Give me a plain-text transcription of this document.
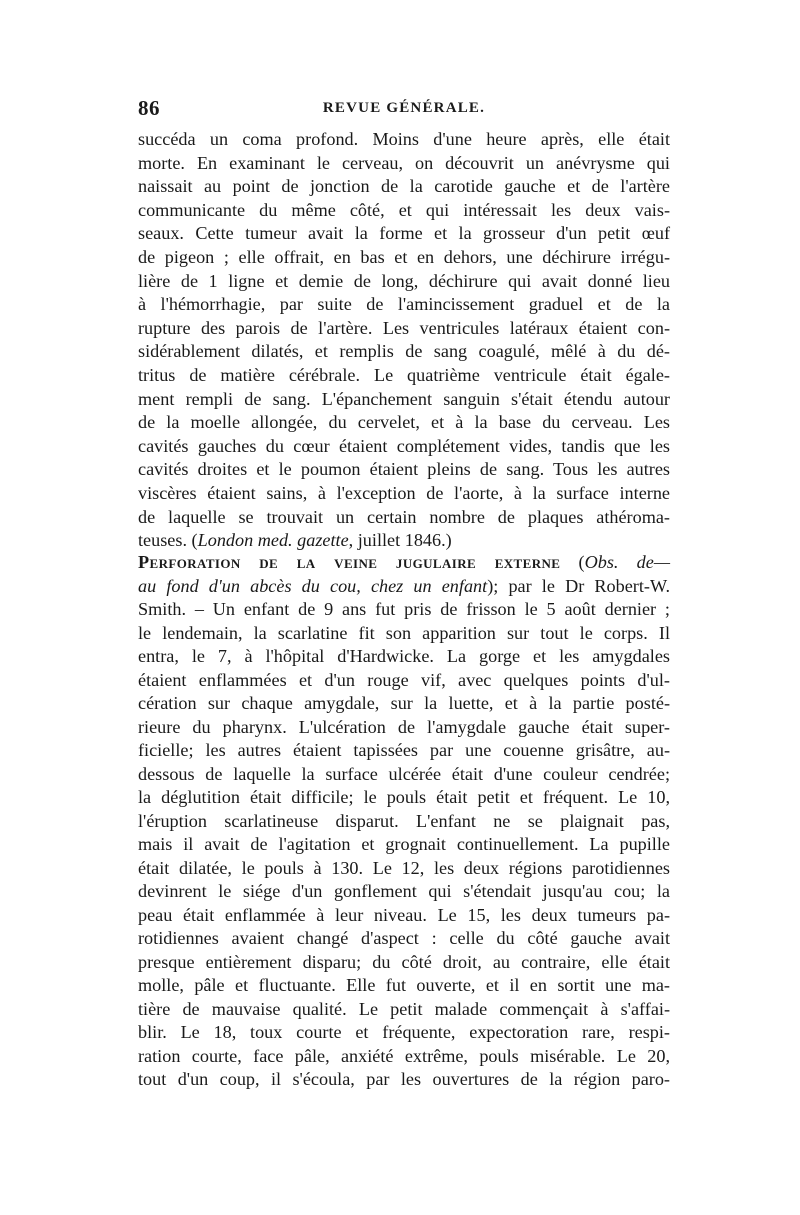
86	REVUE GÉNÉRALE.
succéda un coma profond. Moins d'une heure après, elle était
morte. En examinant le cerveau, on découvrit un anévrysme qui
naissait au point de jonction de la carotide gauche et de l'artère
communicante du même côté, et qui intéressait les deux vais-
seaux. Cette tumeur avait la forme et la grosseur d'un petit œuf
de pigeon ; elle offrait, en bas et en dehors, une déchirure irrégu-
lière de 1 ligne et demie de long, déchirure qui avait donné lieu
à l'hémorrhagie, par suite de l'amincissement graduel et de la
rupture des parois de l'artère. Les ventricules latéraux étaient con-
sidérablement dilatés, et remplis de sang coagulé, mêlé à du dé-
tritus de matière cérébrale. Le quatrième ventricule était égale-
ment rempli de sang. L'épanchement sanguin s'était étendu autour
de la moelle allongée, du cervelet, et à la base du cerveau. Les
cavités gauches du cœur étaient complétement vides, tandis que les
cavités droites et le poumon étaient pleins de sang. Tous les autres
viscères étaient sains, à l'exception de l'aorte, à la surface interne
de laquelle se trouvait un certain nombre de plaques athéroma-
teuses. (London med. gazette, juillet 1846.)
Perforation de la veine jugulaire externe (Obs. de—
au fond d'un abcès du cou, chez un enfant); par le Dr Robert-W.
Smith. – Un enfant de 9 ans fut pris de frisson le 5 août dernier ;
le lendemain, la scarlatine fit son apparition sur tout le corps. Il
entra, le 7, à l'hôpital d'Hardwicke. La gorge et les amygdales
étaient enflammées et d'un rouge vif, avec quelques points d'ul-
cération sur chaque amygdale, sur la luette, et à la partie posté-
rieure du pharynx. L'ulcération de l'amygdale gauche était super-
ficielle; les autres étaient tapissées par une couenne grisâtre, au-
dessous de laquelle la surface ulcérée était d'une couleur cendrée;
la déglutition était difficile; le pouls était petit et fréquent. Le 10,
l'éruption scarlatineuse disparut. L'enfant ne se plaignait pas,
mais il avait de l'agitation et grognait continuellement. La pupille
était dilatée, le pouls à 130. Le 12, les deux régions parotidiennes
devinrent le siége d'un gonflement qui s'étendait jusqu'au cou; la
peau était enflammée à leur niveau. Le 15, les deux tumeurs pa-
rotidiennes avaient changé d'aspect : celle du côté gauche avait
presque entièrement disparu; du côté droit, au contraire, elle était
molle, pâle et fluctuante. Elle fut ouverte, et il en sortit une ma-
tière de mauvaise qualité. Le petit malade commençait à s'affai-
blir. Le 18, toux courte et fréquente, expectoration rare, respi-
ration courte, face pâle, anxiété extrême, pouls misérable. Le 20,
tout d'un coup, il s'écoula, par les ouvertures de la région paro-
